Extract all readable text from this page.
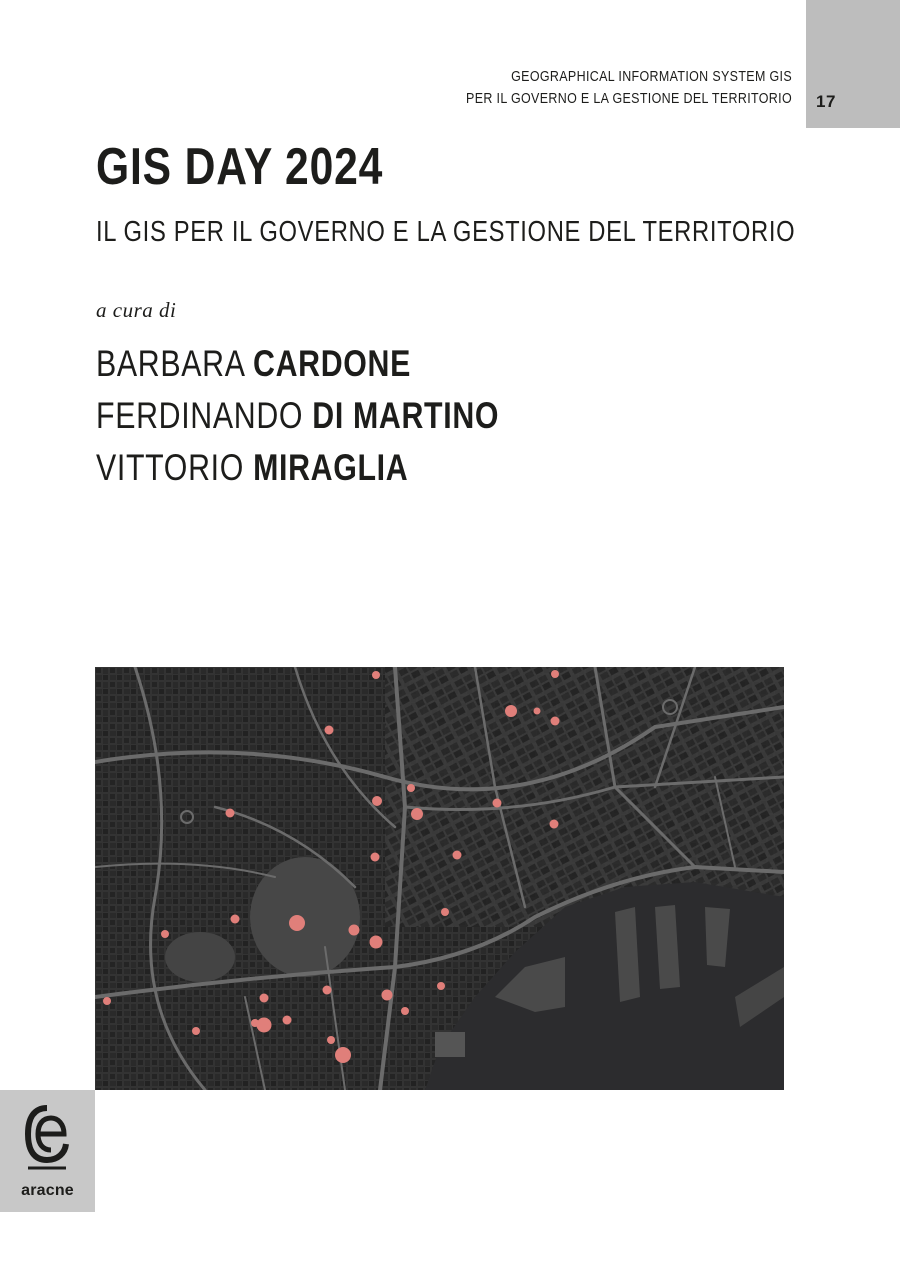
17
GEOGRAPHICAL INFORMATION SYSTEM GIS
PER IL GOVERNO E LA GESTIONE DEL TERRITORIO
GIS DAY 2024
IL GIS PER IL GOVERNO E LA GESTIONE DEL TERRITORIO
a cura di
BARBARA CARDONE
FERDINANDO DI MARTINO
VITTORIO MIRAGLIA
aracne
